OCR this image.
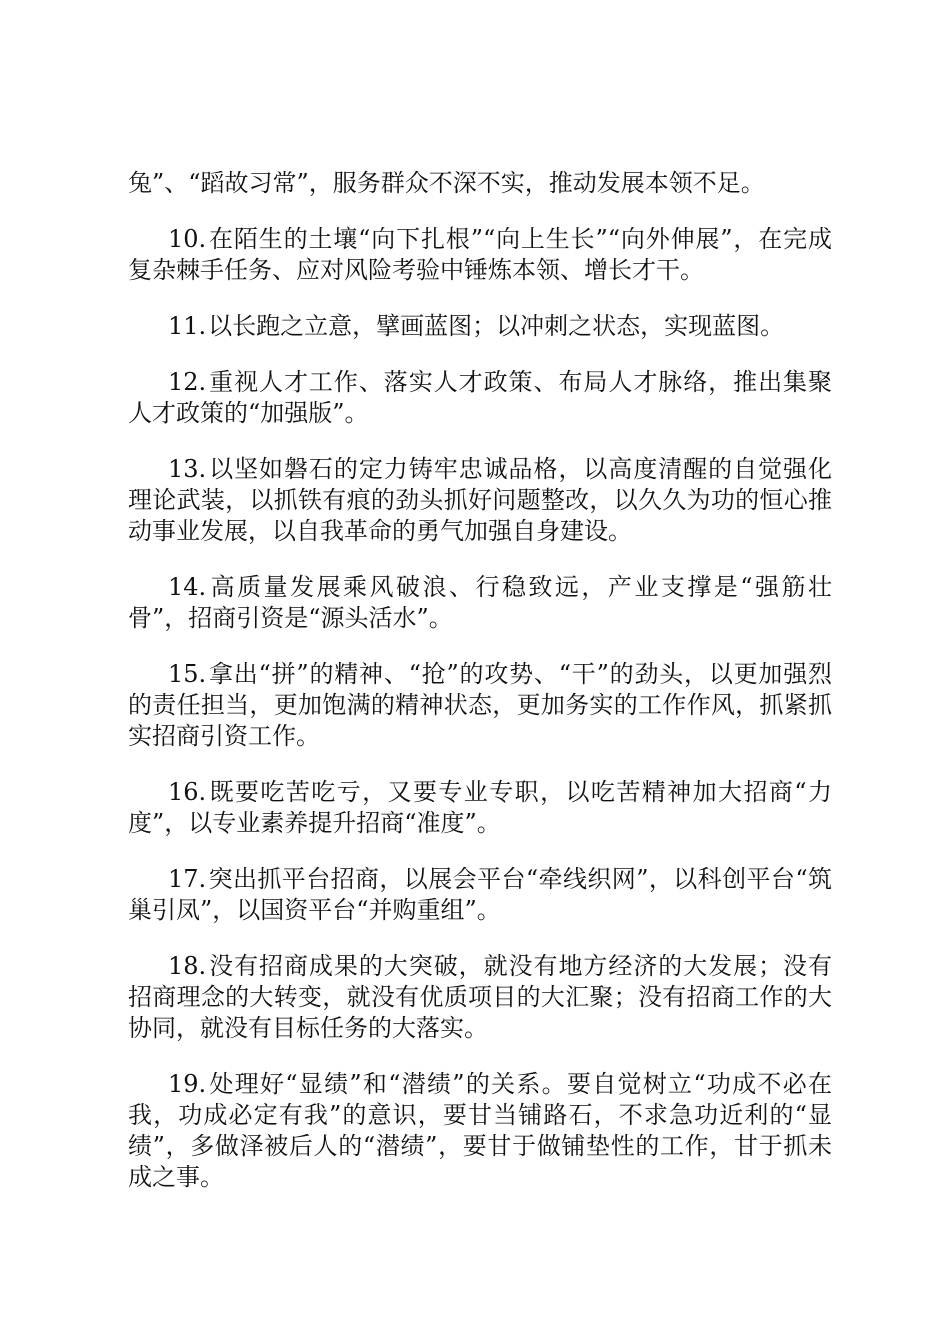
兔”、“蹈故习常”，服务群众不深不实，推动发展本领不足。

10.在陌生的土壤“向下扎根”“向上生长”“向外伸展”，在完成复杂棘手任务、应对风险考验中锤炼本领、增长才干。

11.以长跑之立意，擘画蓝图；以冲刺之状态，实现蓝图。

12.重视人才工作、落实人才政策、布局人才脉络，推出集聚人才政策的“加强版”。

13.以坚如磐石的定力铸牢忠诚品格，以高度清醒的自觉强化理论武装，以抓铁有痕的劲头抓好问题整改，以久久为功的恒心推动事业发展，以自我革命的勇气加强自身建设。

14.高质量发展乘风破浪、行稳致远，产业支撑是“强筋壮骨”，招商引资是“源头活水”。

15.拿出“拼”的精神、“抢”的攻势、“干”的劲头，以更加强烈的责任担当，更加饱满的精神状态，更加务实的工作作风，抓紧抓实招商引资工作。

16.既要吃苦吃亏，又要专业专职，以吃苦精神加大招商“力度”，以专业素养提升招商“准度”。

17.突出抓平台招商，以展会平台“牵线织网”，以科创平台“筑巢引凤”，以国资平台“并购重组”。

18.没有招商成果的大突破，就没有地方经济的大发展；没有招商理念的大转变，就没有优质项目的大汇聚；没有招商工作的大协同，就没有目标任务的大落实。

19.处理好“显绩”和“潜绩”的关系。要自觉树立“功成不必在我，功成必定有我”的意识，要甘当铺路石，不求急功近利的“显绩”，多做泽被后人的“潜绩”，要甘于做铺垫性的工作，甘于抓未成之事。
